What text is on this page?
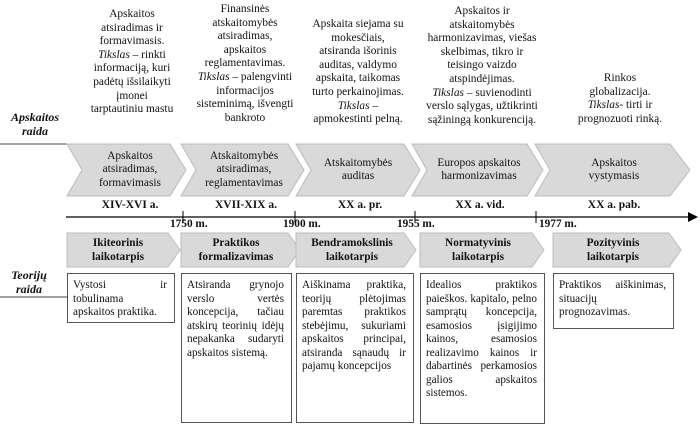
Apskaitos
raida
Teorijų
raida
Apskaitos
atsiradimas ir
formavimasis.
Tikslas – rinkti
informaciją, kuri
padėtų išsilaikyti
įmonei
tarptautiniu mastu
Finansinės
atskaitomybės
atsiradimas,
apskaitos
reglamentavimas.
Tikslas – palengvinti
informacijos
sisteminimą, išvengti
bankroto
Apskaita siejama su
mokesčiais,
atsiranda išorinis
auditas, valdymo
apskaita, taikomas
turto perkainojimas.
Tikslas –
apmokestinti pelną.
Apskaitos ir
atskaitomybės
harmonizavimas, viešas
skelbimas, tikro ir
teisingo vaizdo
atspindėjimas.
Tikslas – suvienodinti
verslo sąlygas, užtikrinti
sąžiningą konkurenciją.
Rinkos
globalizacija.
Tikslas- tirti ir
prognozuoti rinką.
Apskaitos
atsiradimas,
formavimasis
Atskaitomybės
atsiradimas,
reglamentavimas
Atskaitomybės
auditas
Europos apskaitos
harmonizavimas
Apskaitos
vystymasis
XIV-XVI a.	XVII-XIX a.	XX a. pr.	XX a. vid.	XX a. pab.
1750 m.	1900 m.	1955 m.	1977 m.
Ikiteorinis
laikotarpis
Praktikos
formalizavimas
Bendramokslinis
laikotarpis
Normatyvinis
laikotarpis
Pozityvinis
laikotarpis
Vystosi ir tobulinama apskaitos praktika.
Atsiranda grynojo verslo vertės koncepcija, tačiau atskirų teorinių idėjų nepakanka sudaryti apskaitos sistemą.
Aiškinama praktika, teorijų plėtojimas paremtas praktikos stebėjimu, sukuriami apskaitos principai, atsiranda sąnaudų ir pajamų koncepcijos
Idealios praktikos paieškos. kapitalo, pelno samprątų koncepcija, esamosios įsigijimo kainos, esamosios realizavimo kainos ir dabartinės perkamosios galios apskaitos sistemos.
Praktikos aiškinimas, situacijų prognozavimas.
